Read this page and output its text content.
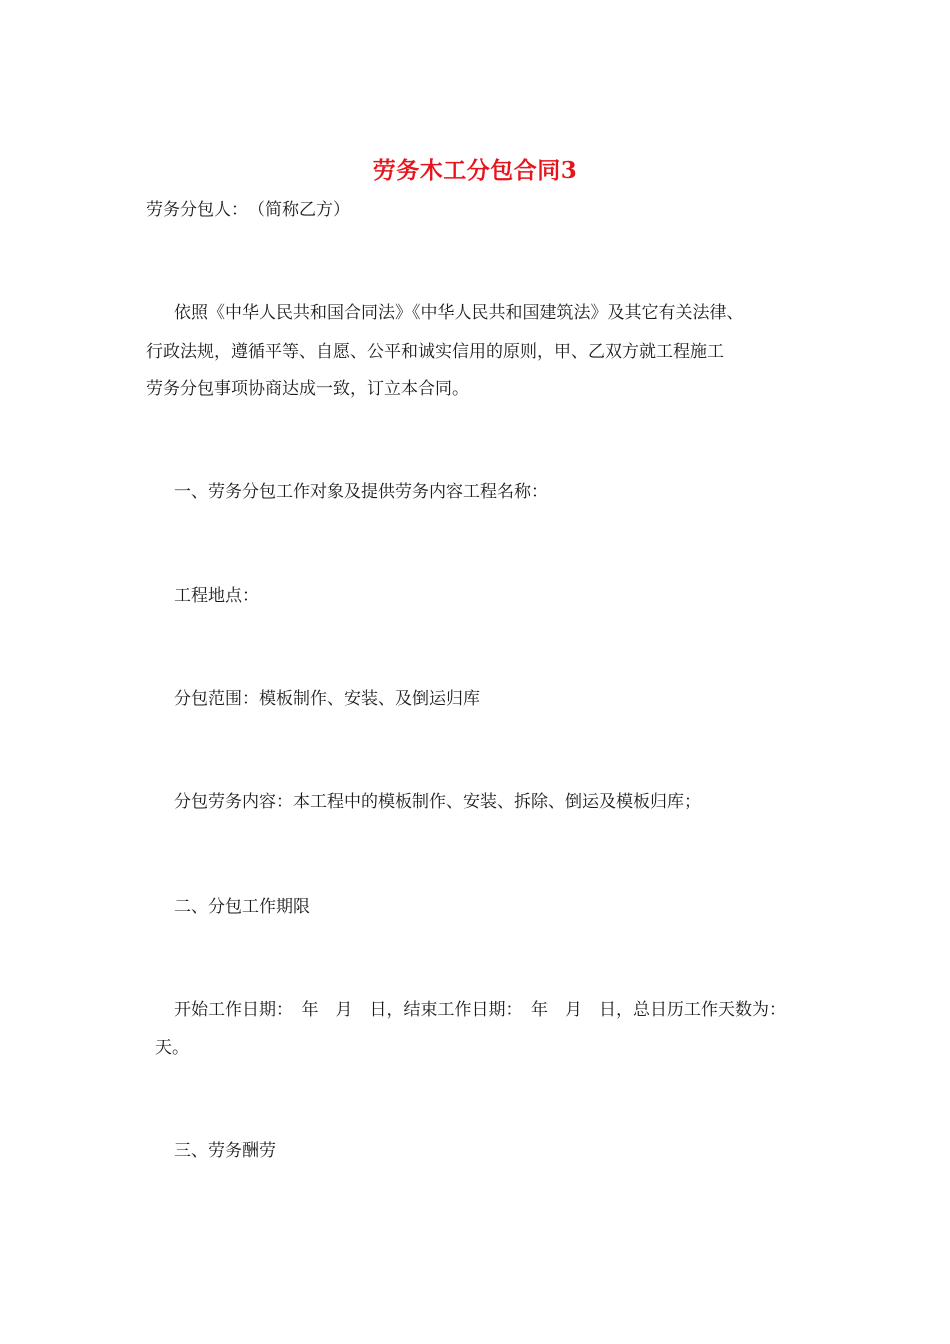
劳务木工分包合同3
劳务分包人：　（简称乙方）
依照《中华人民共和国合同法》《中华人民共和国建筑法》及其它有关法律、
行政法规，遵循平等、自愿、公平和诚实信用的原则，甲、乙双方就工程施工
劳务分包事项协商达成一致，订立本合同。
一、劳务分包工作对象及提供劳务内容工程名称：
工程地点：
分包范围：模板制作、安装、及倒运归库
分包劳务内容：本工程中的模板制作、安装、拆除、倒运及模板归库；
二、分包工作期限
开始工作日期：　年　月　日，结束工作日期：　年　月　日，总日历工作天数为：
天。
三、劳务酬劳
